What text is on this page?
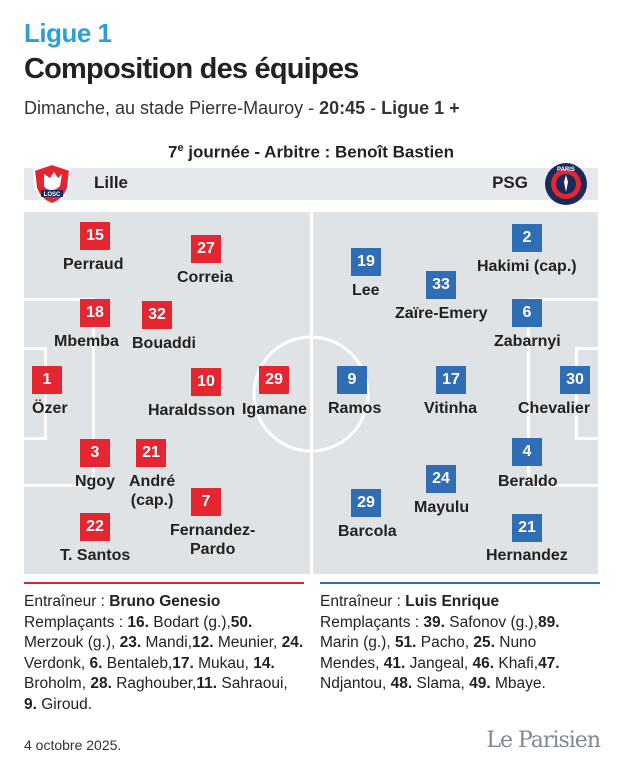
Ligue 1
Composition des équipes
Dimanche, au stade Pierre-Mauroy - 20:45 - Ligue 1 +
$7^e$ journée - Arbitre : Benoît Bastien
LOSC
Lille	PSG
PARIS
15
Perraud
27
Correia
18
Mbemba
32
Bouaddi
1
Özer
10
Haraldsson
29
Igamane
3
Ngoy
21
André
(cap.)	7
Fernandez-
Pardo
22
T. Santos
2
Hakimi (cap.)
19
Lee	33
Zaïre-Emery	6
Zabarnyi
9
Ramos
17
Vitinha
30
Chevalier
4
Beraldo
24
Mayulu
29
Barcola	21
Hernandez
Entraîneur : Bruno Genesio
Remplaçants : 16. Bodart (g.),50. Merzouk (g.), 23. Mandi,12. Meunier, 24. Verdonk, 6. Bentaleb,17. Mukau, 14. Broholm, 28. Raghouber,11. Sahraoui, 9. Giroud.
Entraîneur : Luis Enrique
Remplaçants : 39. Safonov (g.),89. Marin (g.), 51. Pacho, 25. Nuno Mendes, 41. Jangeal, 46. Khafi,47. Ndjantou, 48. Slama, 49. Mbaye.
4 octobre 2025.	Le Parisien
